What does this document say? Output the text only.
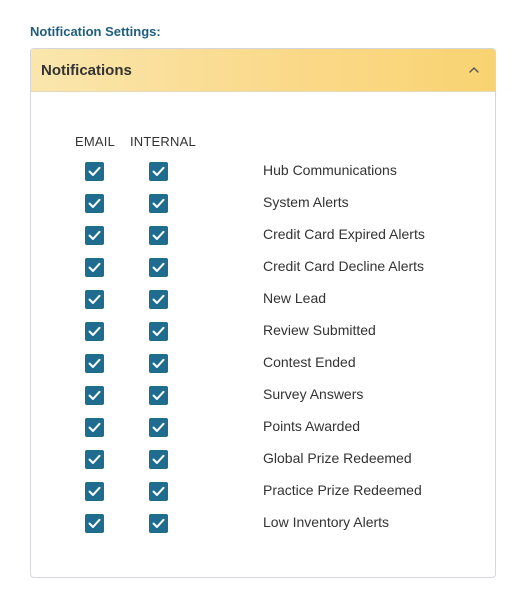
Notification Settings:
Notifications
EMAIL INTERNAL
Hub Communications
System Alerts
Credit Card Expired Alerts
Credit Card Decline Alerts
New Lead
Review Submitted
Contest Ended
Survey Answers
Points Awarded
Global Prize Redeemed
Practice Prize Redeemed
Low Inventory Alerts
